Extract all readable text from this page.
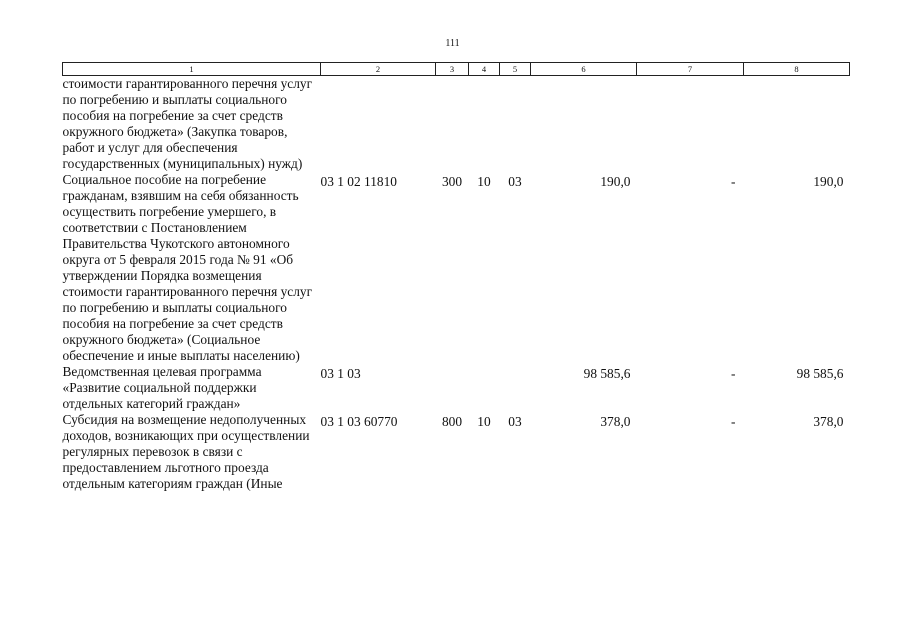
111
1	2	3	4	5	6	7	8
стоимости гарантированного перечня услуг по погребению и выплаты социального пособия на погребение за счет средств окружного бюджета» (Закупка товаров, работ и услуг для обеспечения государственных (муниципальных) нужд)							
Социальное пособие на погребение гражданам, взявшим на себя обязанность осуществить погребение умершего, в соответствии с Постановлением Правительства Чукотского автономного округа от 5 февраля 2015 года № 91 «Об утверждении Порядка возмещения стоимости гарантированного перечня услуг по погребению и выплаты социального пособия на погребение за счет средств окружного бюджета» (Социальное обеспечение и иные выплаты населению)	03 1 02 11810	300	10	03	190,0	-	190,0
Ведомственная целевая программа «Развитие социальной поддержки отдельных категорий граждан»	03 1 03				98 585,6	-	98 585,6
Субсидия на возмещение недополученных доходов, возникающих при осуществлении регулярных перевозок в связи с предоставлением льготного проезда отдельным категориям граждан (Иные	03 1 03 60770	800	10	03	378,0	-	378,0
